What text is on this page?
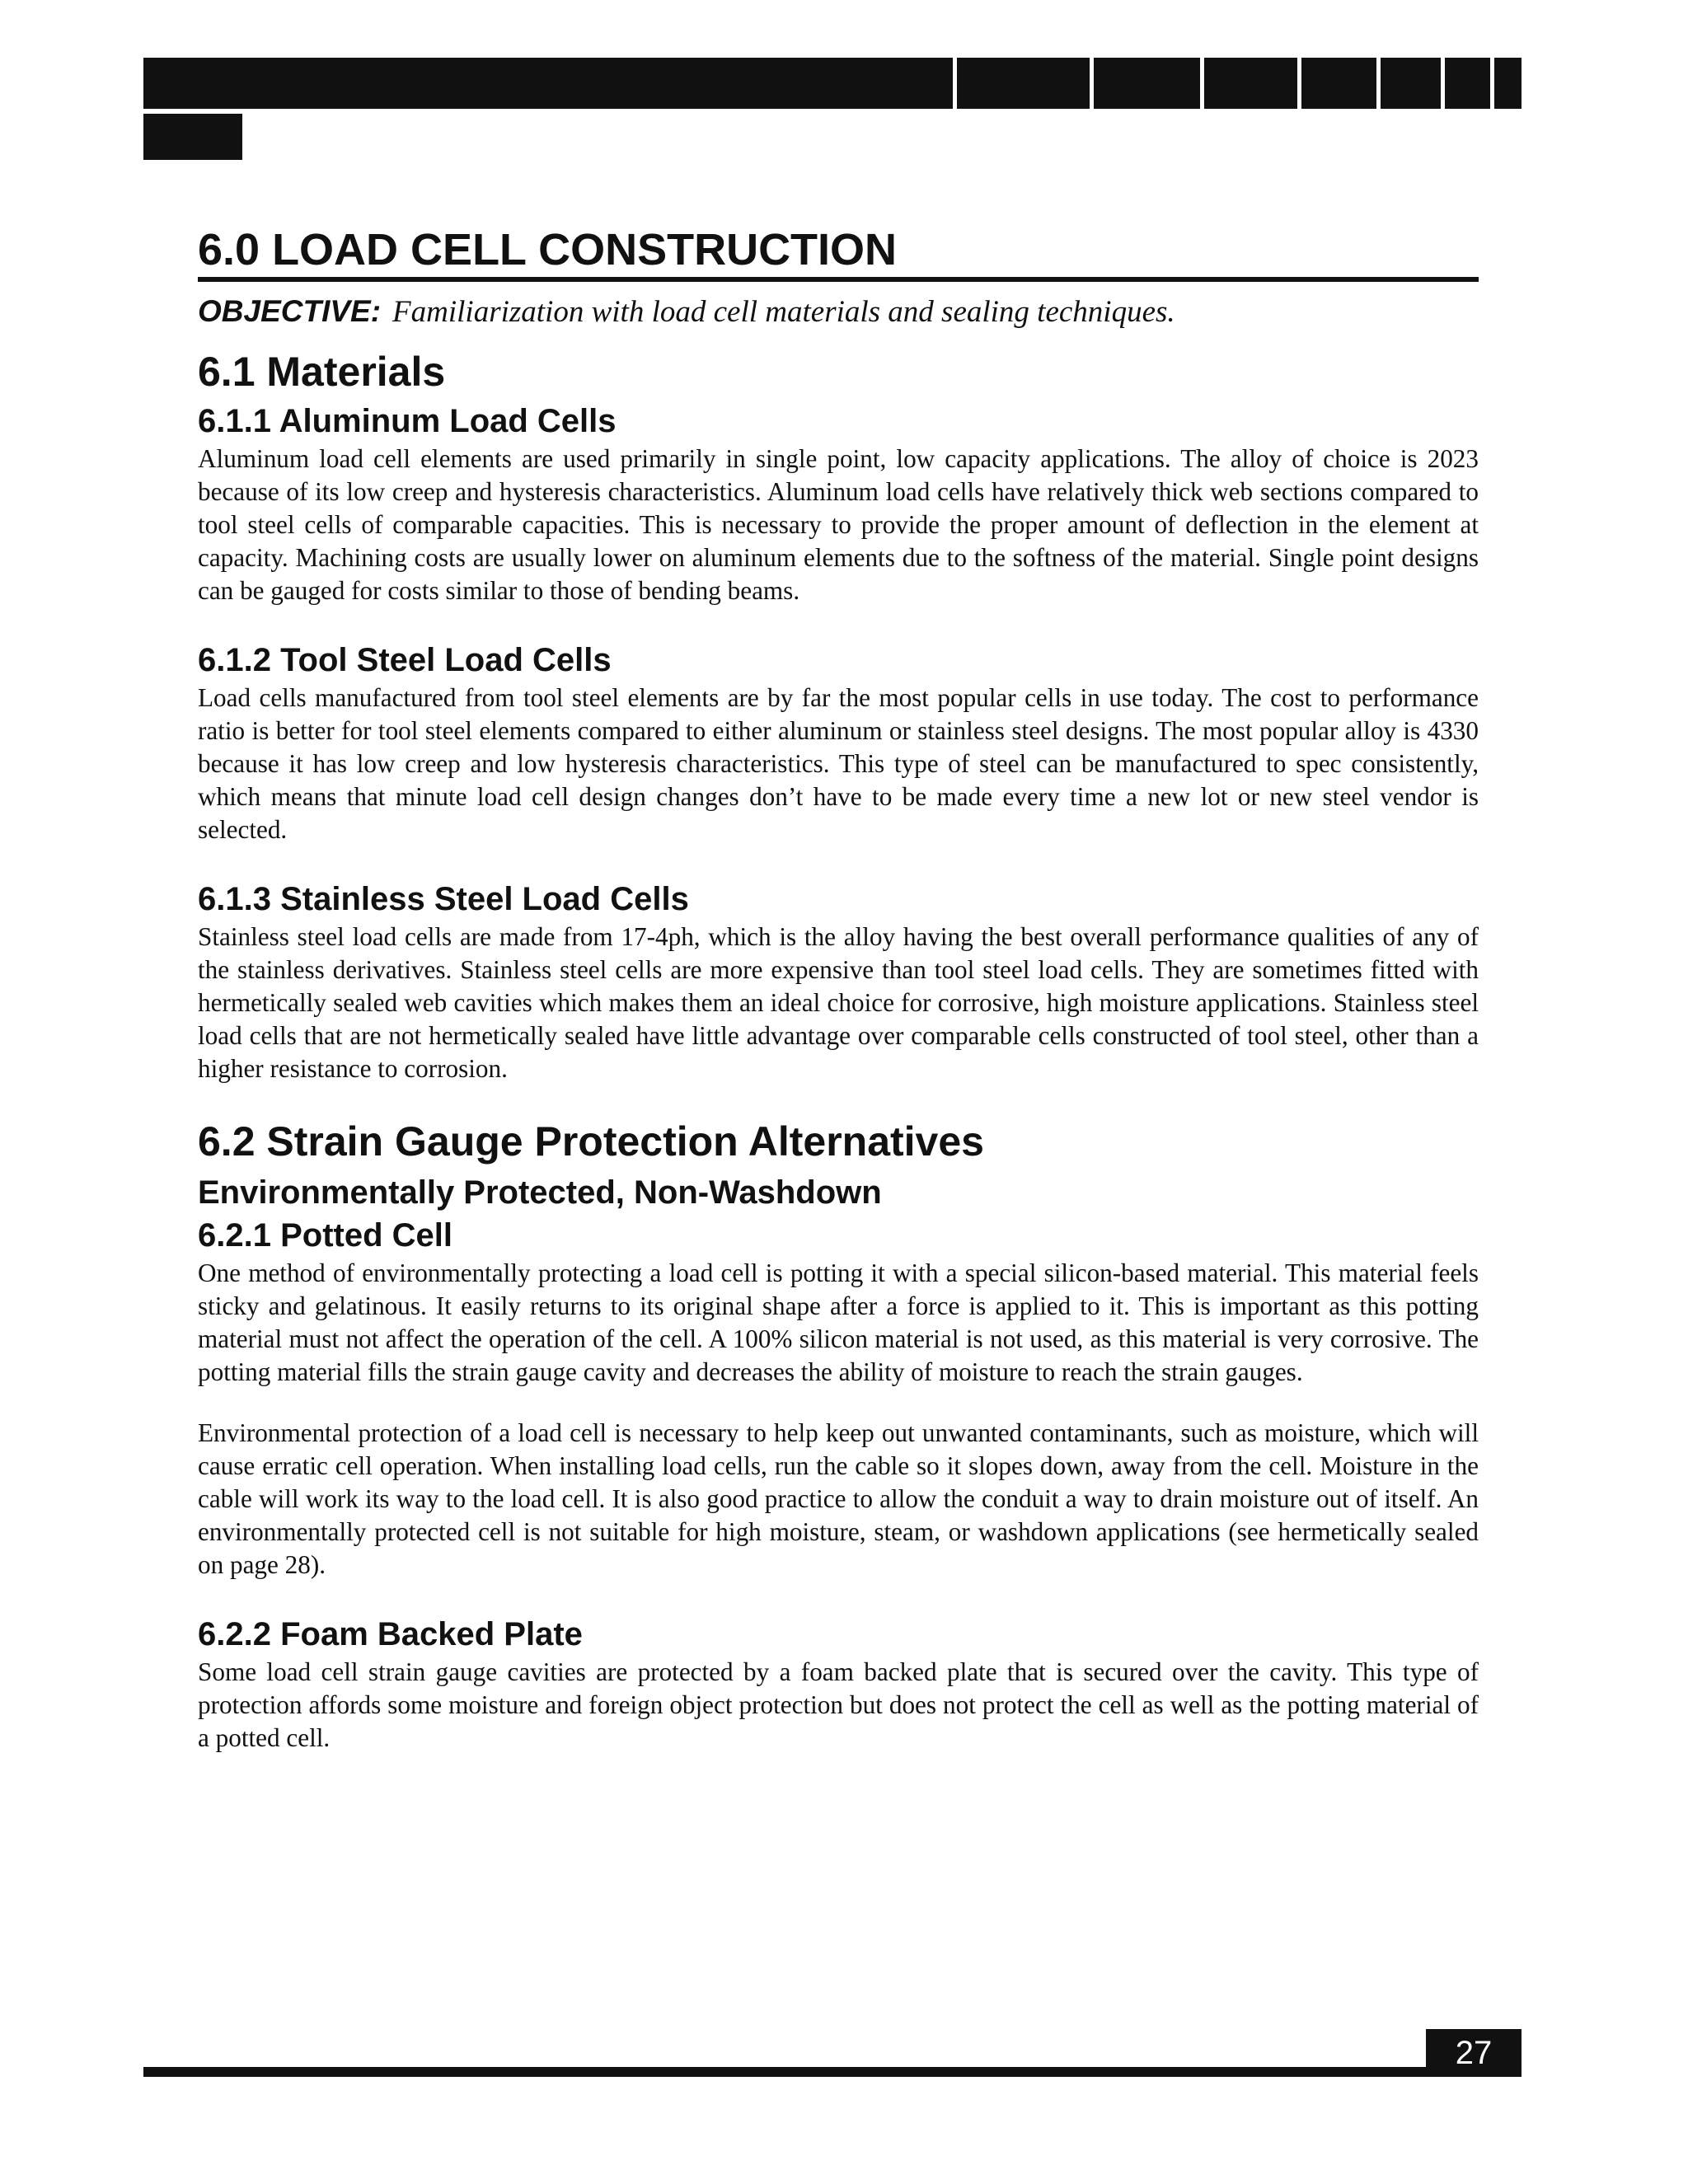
6.0 LOAD CELL CONSTRUCTION
OBJECTIVE: Familiarization with load cell materials and sealing techniques.
6.1 Materials
6.1.1 Aluminum Load Cells

Aluminum load cell elements are used primarily in single point, low capacity applications. The alloy of choice is 2023 because of its low creep and hysteresis characteristics. Aluminum load cells have relatively thick web sections compared to tool steel cells of comparable capacities. This is necessary to provide the proper amount of deflection in the element at capacity. Machining costs are usually lower on aluminum elements due to the softness of the material. Single point designs can be gauged for costs similar to those of bending beams.

6.1.2 Tool Steel Load Cells

Load cells manufactured from tool steel elements are by far the most popular cells in use today. The cost to performance ratio is better for tool steel elements compared to either aluminum or stainless steel designs. The most popular alloy is 4330 because it has low creep and low hysteresis characteristics. This type of steel can be manufactured to spec consistently, which means that minute load cell design changes don’t have to be made every time a new lot or new steel vendor is selected.

6.1.3 Stainless Steel Load Cells

Stainless steel load cells are made from 17-4ph, which is the alloy having the best overall performance qualities of any of the stainless derivatives. Stainless steel cells are more expensive than tool steel load cells. They are sometimes fitted with hermetically sealed web cavities which makes them an ideal choice for corrosive, high moisture applications. Stainless steel load cells that are not hermetically sealed have little advantage over comparable cells constructed of tool steel, other than a higher resistance to corrosion.

6.2 Strain Gauge Protection Alternatives
Environmentally Protected, Non-Washdown
6.2.1 Potted Cell

One method of environmentally protecting a load cell is potting it with a special silicon-based material. This material feels sticky and gelatinous. It easily returns to its original shape after a force is applied to it. This is important as this potting material must not affect the operation of the cell. A 100% silicon material is not used, as this material is very corrosive. The potting material fills the strain gauge cavity and decreases the ability of moisture to reach the strain gauges.

Environmental protection of a load cell is necessary to help keep out unwanted contaminants, such as moisture, which will cause erratic cell operation. When installing load cells, run the cable so it slopes down, away from the cell. Moisture in the cable will work its way to the load cell. It is also good practice to allow the conduit a way to drain moisture out of itself. An environmentally protected cell is not suitable for high moisture, steam, or washdown applications (see hermetically sealed on page 28).

6.2.2 Foam Backed Plate

Some load cell strain gauge cavities are protected by a foam backed plate that is secured over the cavity. This type of protection affords some moisture and foreign object protection but does not protect the cell as well as the potting material of a potted cell.

27
